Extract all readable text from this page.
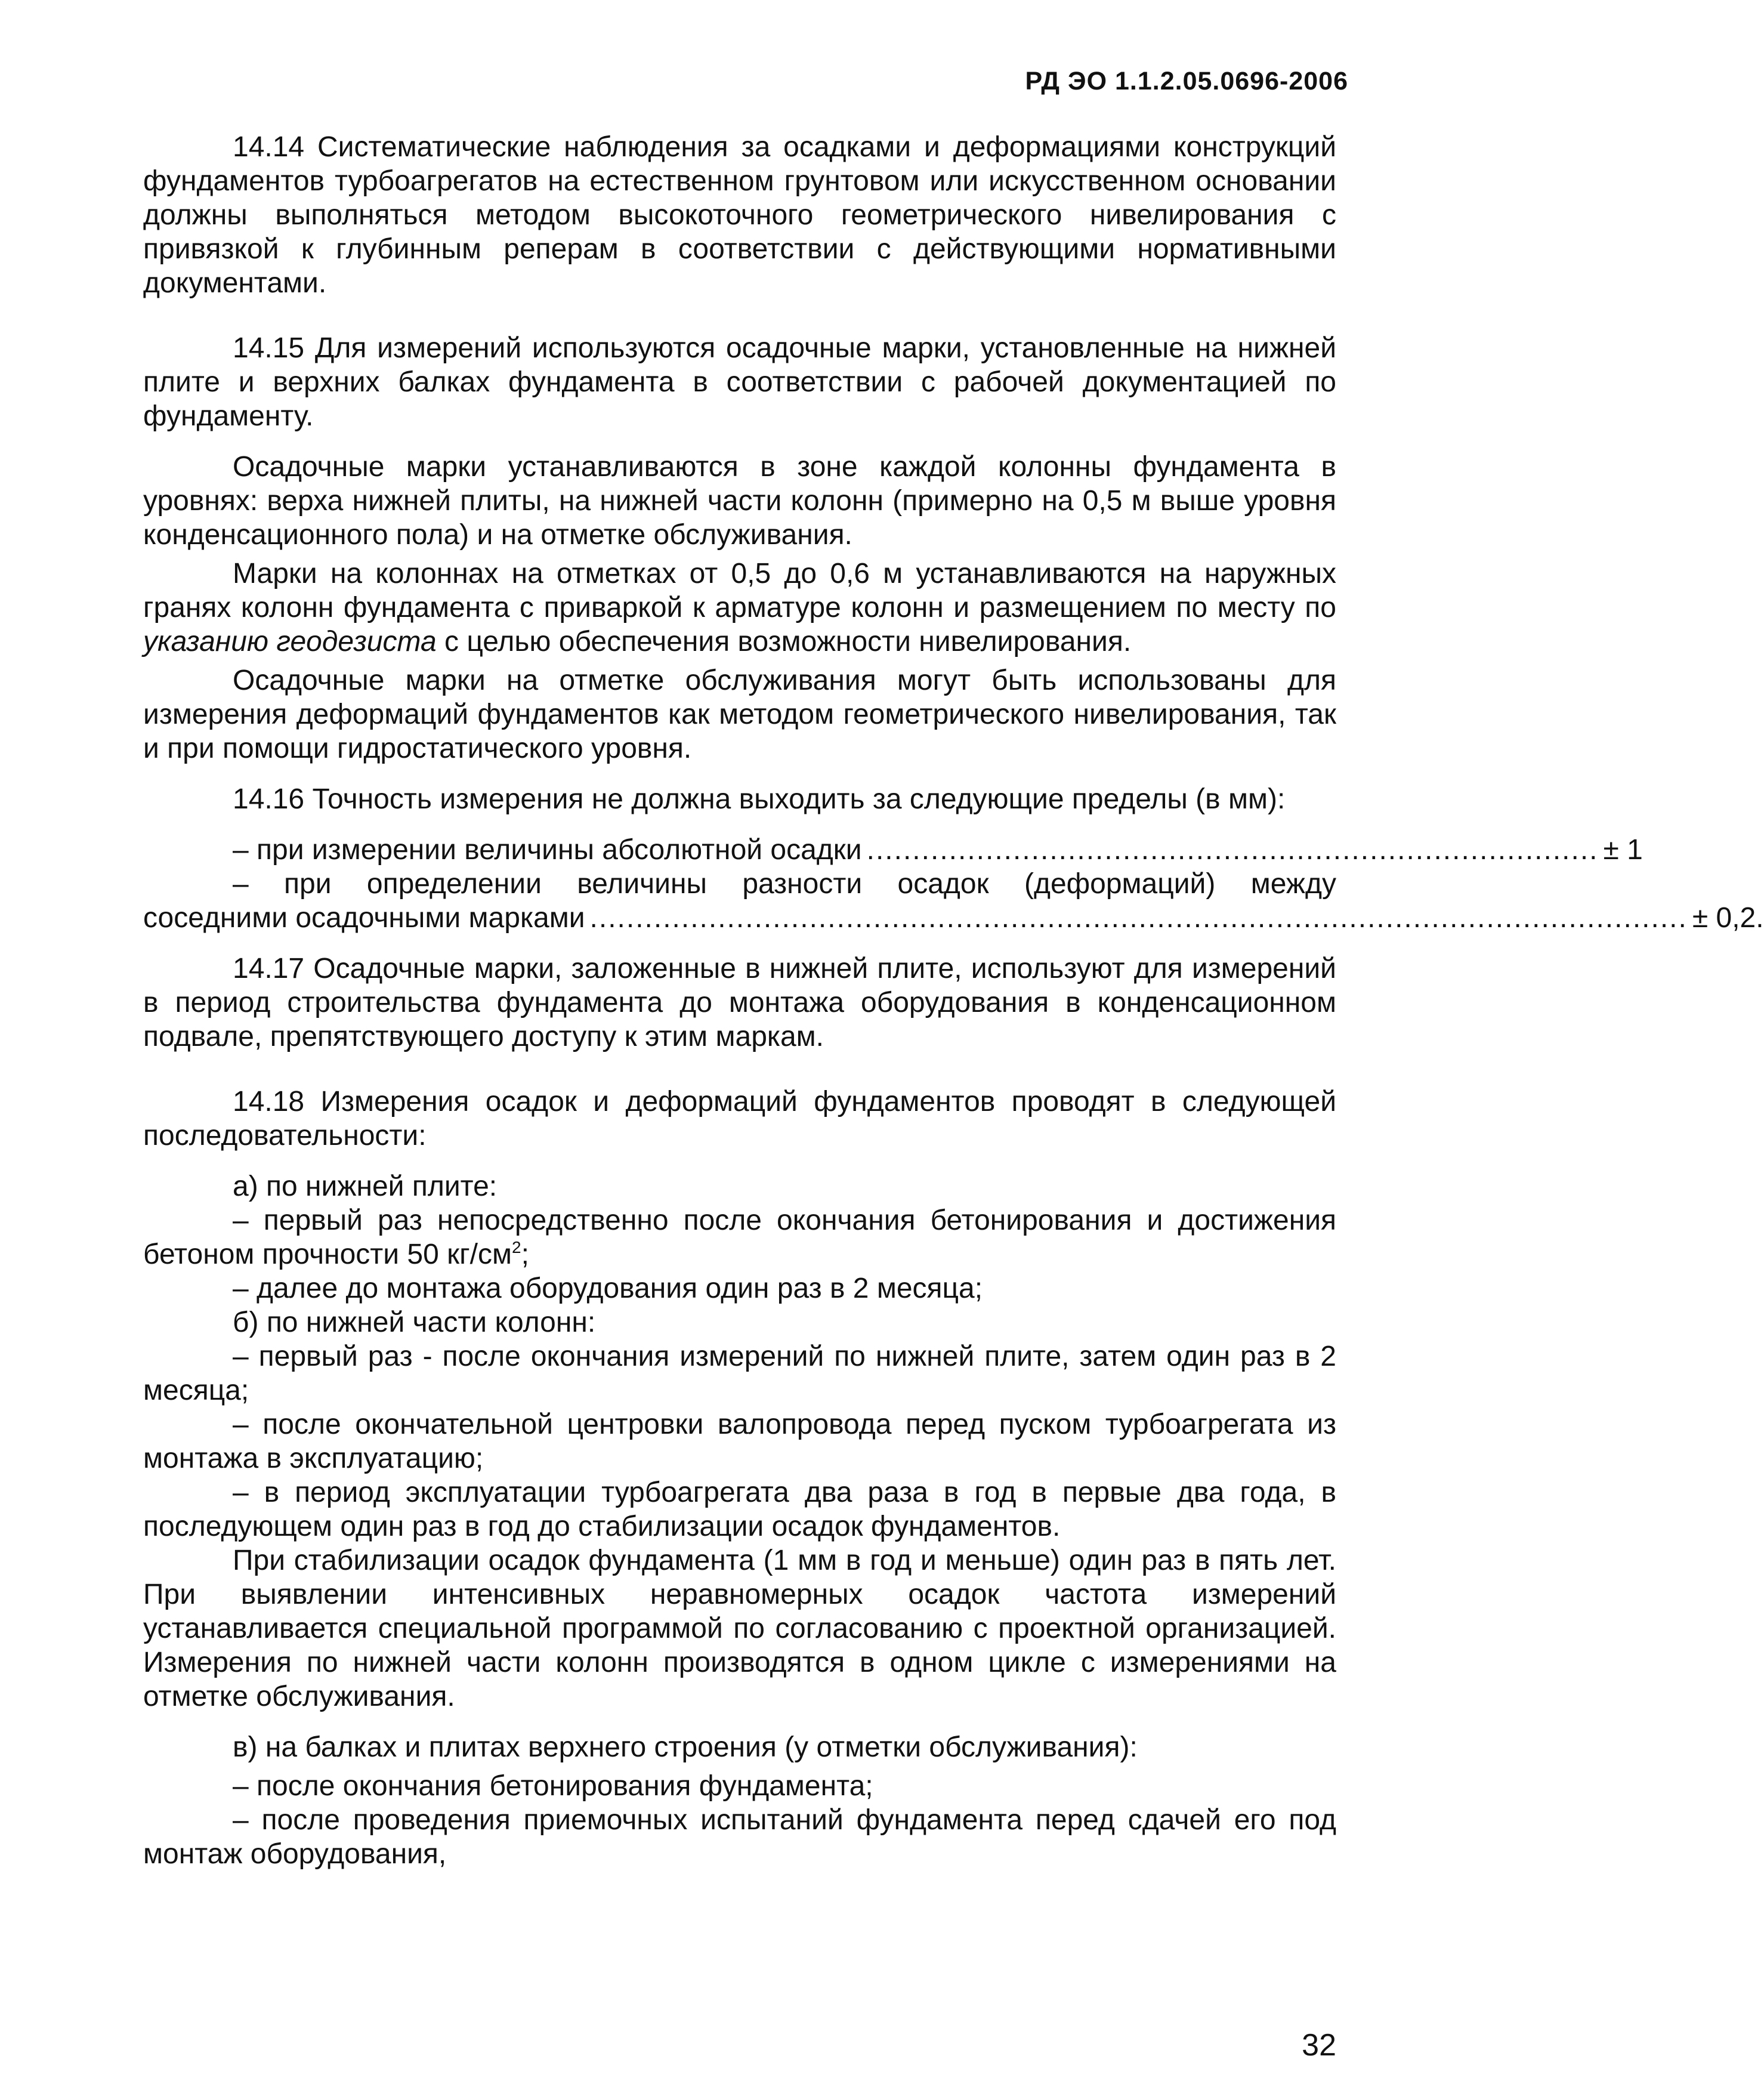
РД ЭО 1.1.2.05.0696-2006

14.14 Систематические наблюдения за осадками и деформациями конструкций фундаментов турбоагрегатов на естественном грунтовом или искусственном основании должны выполняться методом высокоточного геометрического нивелирования с привязкой к глубинным реперам в соответствии с действующими нормативными документами.

14.15 Для измерений используются осадочные марки, установленные на нижней плите и верхних балках фундамента в соответствии с рабочей документацией по фундаменту.

Осадочные марки устанавливаются в зоне каждой колонны фундамента в уровнях: верха нижней плиты, на нижней части колонн (примерно на 0,5 м выше уровня конденсационного пола) и на отметке обслуживания.

Марки на колоннах на отметках от 0,5 до 0,6 м устанавливаются на наружных гранях колонн фундамента с приваркой к арматуре колонн и размещением по месту по указанию геодезиста с целью обеспечения возможности нивелирования.

Осадочные марки на отметке обслуживания могут быть использованы для измерения деформаций фундаментов как методом геометрического нивелирования, так и при помощи гидростатического уровня.

14.16 Точность измерения не должна выходить за следующие пределы (в мм):

– при измерении величины абсолютной осадки ................................................................................ ± 1

– при определении величины разности осадок (деформаций) между

соседними осадочными марками ........................................................................................................................ ± 0,2.

14.17 Осадочные марки, заложенные в нижней плите, используют для измерений в период строительства фундамента до монтажа оборудования в конденсационном подвале, препятствующего доступу к этим маркам.

14.18 Измерения осадок и деформаций фундаментов проводят в следующей последовательности:

а) по нижней плите:

– первый раз непосредственно после окончания бетонирования и достижения бетоном прочности 50 $кг/см^2$;

– далее до монтажа оборудования один раз в 2 месяца;

б) по нижней части колонн:

– первый раз - после окончания измерений по нижней плите, затем один раз в 2 месяца;

– после окончательной центровки валопровода перед пуском турбоагрегата из монтажа в эксплуатацию;

– в период эксплуатации турбоагрегата два раза в год в первые два года, в последующем один раз в год до стабилизации осадок фундаментов.

При стабилизации осадок фундамента (1 мм в год и меньше) один раз в пять лет. При выявлении интенсивных неравномерных осадок частота измерений устанавливается специальной программой по согласованию с проектной организацией. Измерения по нижней части колонн производятся в одном цикле с измерениями на отметке обслуживания.

в) на балках и плитах верхнего строения (у отметки обслуживания):

– после окончания бетонирования фундамента;

– после проведения приемочных испытаний фундамента перед сдачей его под монтаж оборудования,

32
